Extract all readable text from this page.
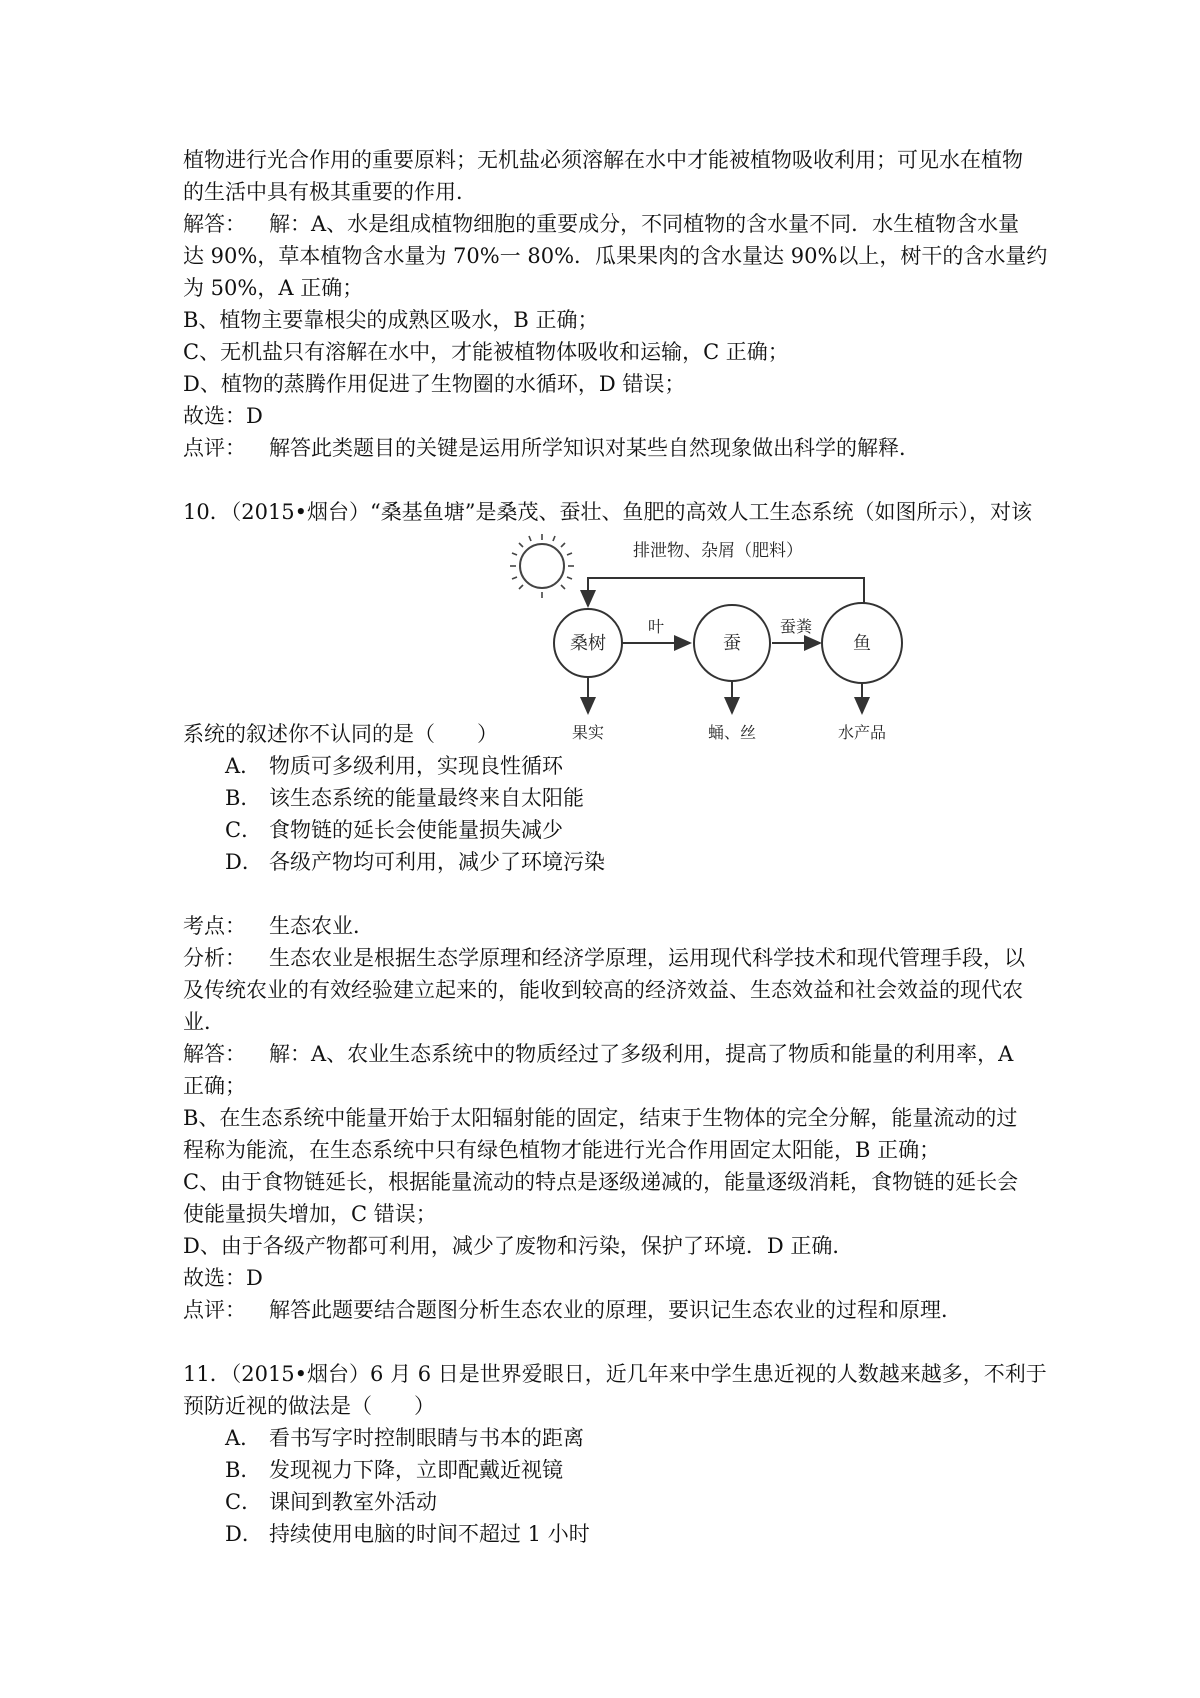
植物进行光合作用的重要原料；无机盐必须溶解在水中才能被植物吸收利用；可见水在植物
的生活中具有极其重要的作用．
解答： 解：A、水是组成植物细胞的重要成分，不同植物的含水量不同．水生植物含水量
达 90%，草本植物含水量为 70%一 80%．瓜果果肉的含水量达 90%以上，树干的含水量约
为 50%，A 正确；
B、植物主要靠根尖的成熟区吸水，B 正确；
C、无机盐只有溶解在水中，才能被植物体吸收和运输，C 正确；
D、植物的蒸腾作用促进了生物圈的水循环，D 错误；
故选：D
点评： 解答此类题目的关键是运用所学知识对某些自然现象做出科学的解释．
10．（2015•烟台）“桑基鱼塘”是桑茂、蚕壮、鱼肥的高效人工生态系统（如图所示），对该
排泄物、杂屑（肥料）
桑树	蚕	鱼
叶	蚕粪
果实	蛹、丝	水产品
系统的叙述你不认同的是（　　）
A． 物质可多级利用，实现良性循环
B． 该生态系统的能量最终来自太阳能
C． 食物链的延长会使能量损失减少
D． 各级产物均可利用，减少了环境污染
考点： 生态农业．
分析： 生态农业是根据生态学原理和经济学原理，运用现代科学技术和现代管理手段，以
及传统农业的有效经验建立起来的，能收到较高的经济效益、生态效益和社会效益的现代农
业．
解答： 解：A、农业生态系统中的物质经过了多级利用，提高了物质和能量的利用率，A
正确；
B、在生态系统中能量开始于太阳辐射能的固定，结束于生物体的完全分解，能量流动的过
程称为能流，在生态系统中只有绿色植物才能进行光合作用固定太阳能，B 正确；
C、由于食物链延长，根据能量流动的特点是逐级递减的，能量逐级消耗，食物链的延长会
使能量损失增加，C 错误；
D、由于各级产物都可利用，减少了废物和污染，保护了环境．D 正确．
故选：D
点评： 解答此题要结合题图分析生态农业的原理，要识记生态农业的过程和原理．
11．（2015•烟台）6 月 6 日是世界爱眼日，近几年来中学生患近视的人数越来越多，不利于
预防近视的做法是（　　）
A． 看书写字时控制眼睛与书本的距离
B． 发现视力下降，立即配戴近视镜
C． 课间到教室外活动
D． 持续使用电脑的时间不超过 1 小时
